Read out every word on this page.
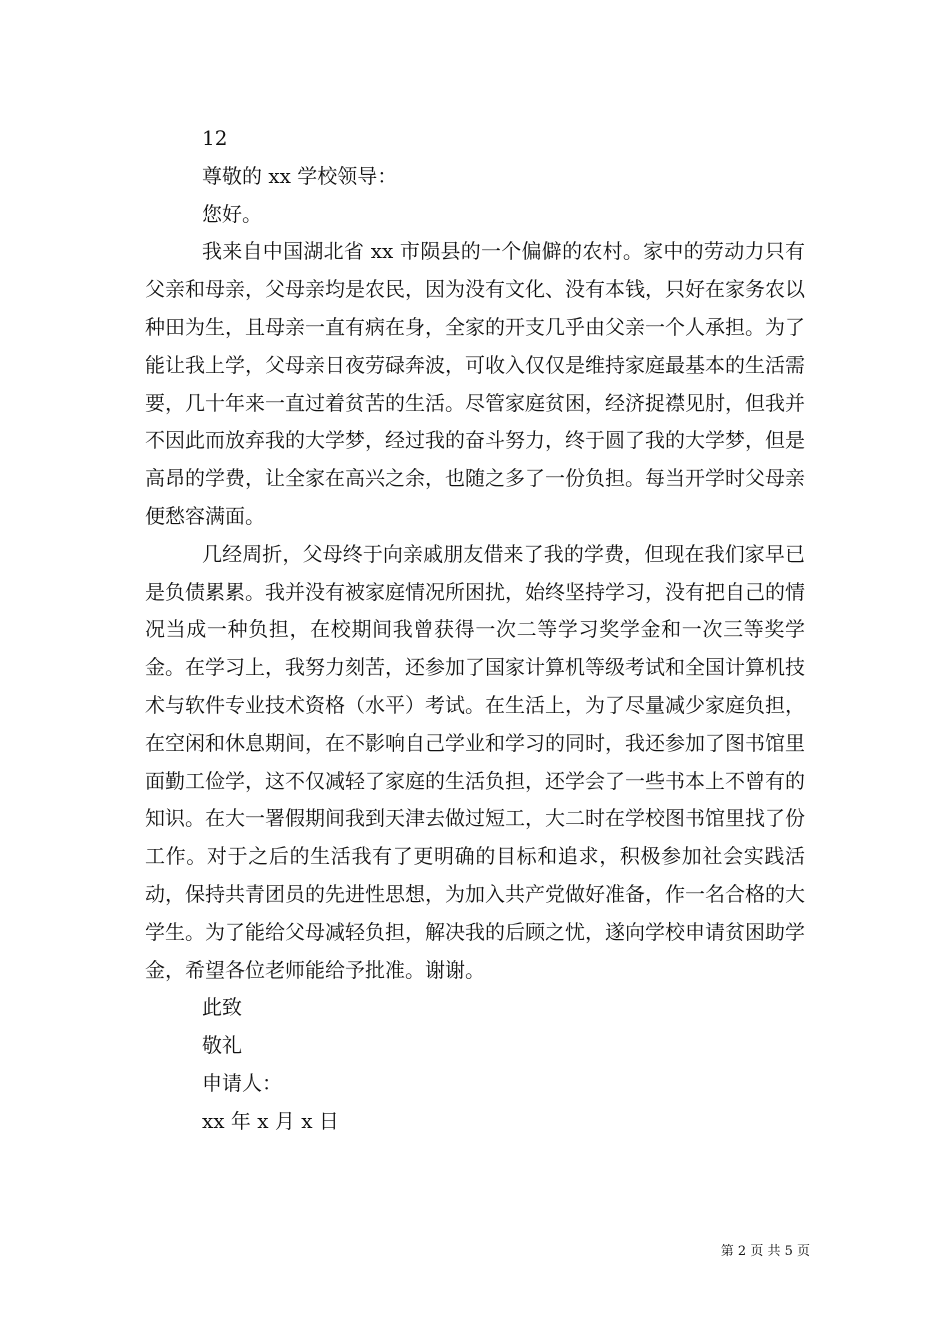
12
尊敬的 xx 学校领导：
您好。

我来自中国湖北省 xx 市陨县的一个偏僻的农村。家中的劳动力只有父亲和母亲，父母亲均是农民，因为没有文化、没有本钱，只好在家务农以种田为生，且母亲一直有病在身，全家的开支几乎由父亲一个人承担。为了能让我上学，父母亲日夜劳碌奔波，可收入仅仅是维持家庭最基本的生活需要，几十年来一直过着贫苦的生活。尽管家庭贫困，经济捉襟见肘，但我并不因此而放弃我的大学梦，经过我的奋斗努力，终于圆了我的大学梦，但是高昂的学费，让全家在高兴之余，也随之多了一份负担。每当开学时父母亲便愁容满面。

几经周折，父母终于向亲戚朋友借来了我的学费，但现在我们家早已是负债累累。我并没有被家庭情况所困扰，始终坚持学习，没有把自己的情况当成一种负担，在校期间我曾获得一次二等学习奖学金和一次三等奖学金。在学习上，我努力刻苦，还参加了国家计算机等级考试和全国计算机技术与软件专业技术资格（水平）考试。在生活上，为了尽量减少家庭负担，在空闲和休息期间，在不影响自己学业和学习的同时，我还参加了图书馆里面勤工俭学，这不仅减轻了家庭的生活负担，还学会了一些书本上不曾有的知识。在大一署假期间我到天津去做过短工，大二时在学校图书馆里找了份工作。对于之后的生活我有了更明确的目标和追求，积极参加社会实践活动，保持共青团员的先进性思想，为加入共产党做好准备，作一名合格的大学生。为了能给父母减轻负担，解决我的后顾之忧，遂向学校申请贫困助学金，希望各位老师能给予批准。谢谢。

此致
敬礼
申请人：
xx 年 x 月 x 日
第 2 页 共 5 页
